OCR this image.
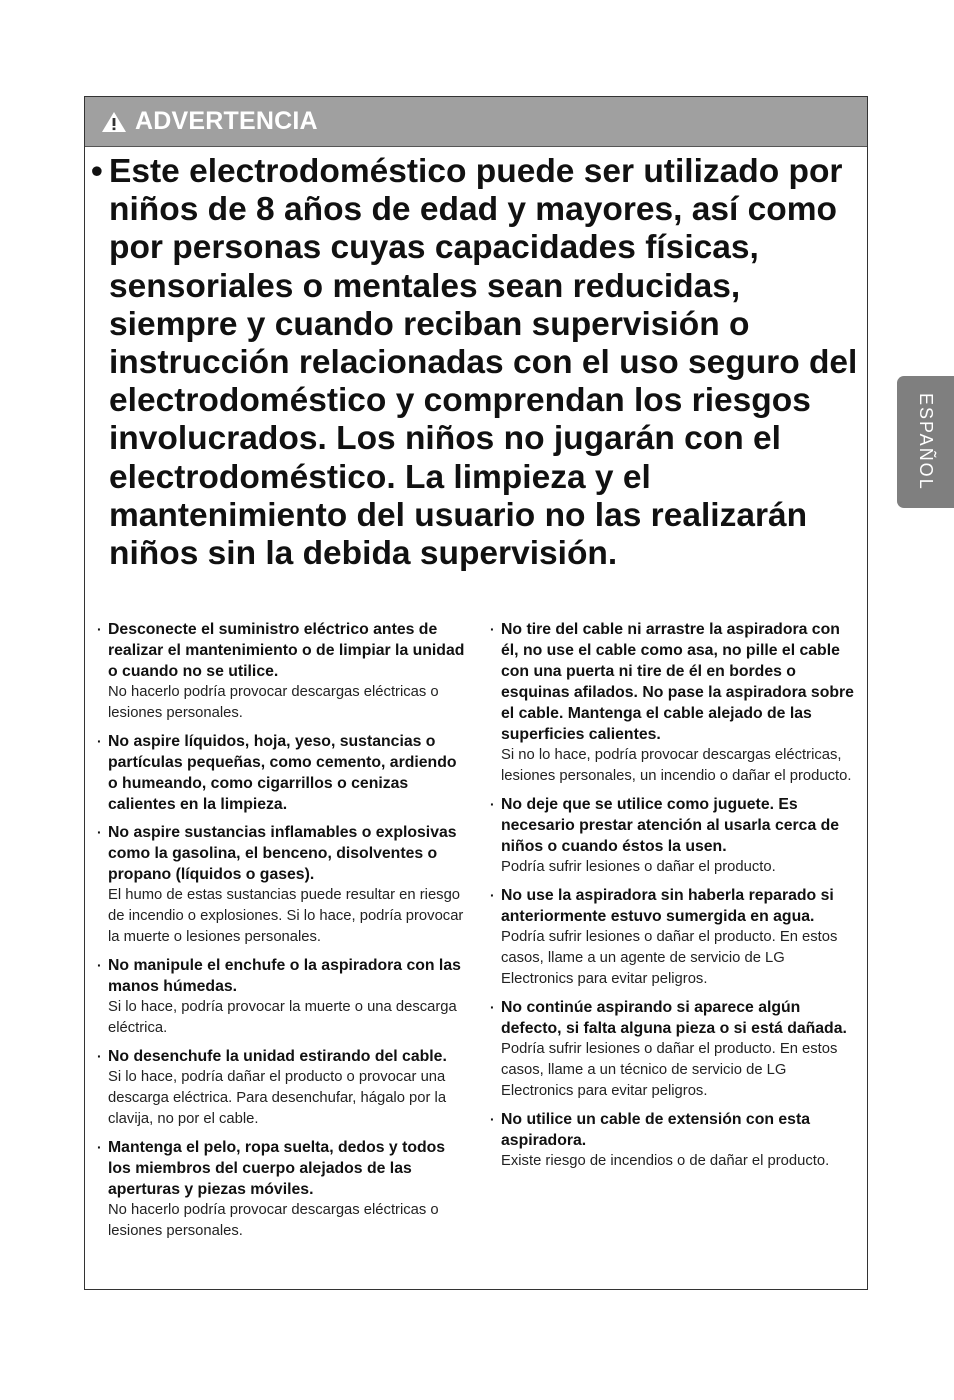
ADVERTENCIA
• Este electrodoméstico puede ser utilizado por niños de 8 años de edad y mayores, así como por personas cuyas capacidades físicas, sensoriales o mentales sean reducidas, siempre y cuando reciban supervisión o instrucción relacionadas con el uso seguro del electrodoméstico y comprendan los riesgos involucrados. Los niños no jugarán con el electrodoméstico. La limpieza y el mantenimiento del usuario no las realizarán niños sin la debida supervisión.
· Desconecte el suministro eléctrico antes de realizar el mantenimiento o de limpiar la unidad o cuando no se utilice.
No hacerlo podría provocar descargas eléctricas o lesiones personales.
· No aspire líquidos, hoja, yeso, sustancias o partículas pequeñas, como cemento, ardiendo o humeando, como cigarrillos o cenizas calientes en la limpieza.
· No aspire sustancias inflamables o explosivas como la gasolina, el benceno, disolventes o propano (líquidos o gases).
El humo de estas sustancias puede resultar en riesgo de incendio o explosiones. Si lo hace, podría provocar la muerte o lesiones personales.
· No manipule el enchufe o la aspiradora con las manos húmedas.
Si lo hace, podría provocar la muerte o una descarga eléctrica.
· No desenchufe la unidad estirando del cable.
Si lo hace, podría dañar el producto o provocar una descarga eléctrica. Para desenchufar, hágalo por la clavija, no por el cable.
· Mantenga el pelo, ropa suelta, dedos y todos los miembros del cuerpo alejados de las aperturas y piezas móviles.
No hacerlo podría provocar descargas eléctricas o lesiones personales.
· No tire del cable ni arrastre la aspiradora con él, no use el cable como asa, no pille el cable con una puerta ni tire de él en bordes o esquinas afilados. No pase la aspiradora sobre el cable. Mantenga el cable alejado de las superficies calientes.
Si no lo hace, podría provocar descargas eléctricas, lesiones personales, un incendio o dañar el producto.
· No deje que se utilice como juguete. Es necesario prestar atención al usarla cerca de niños o cuando éstos la usen.
Podría sufrir lesiones o dañar el producto.
· No use la aspiradora sin haberla reparado si anteriormente estuvo sumergida en agua.
Podría sufrir lesiones o dañar el producto. En estos casos, llame a un agente de servicio de LG Electronics para evitar peligros.
· No continúe aspirando si aparece algún defecto, si falta alguna pieza o si está dañada.
Podría sufrir lesiones o dañar el producto. En estos casos, llame a un técnico de servicio de LG Electronics para evitar peligros.
· No utilice un cable de extensión con esta aspiradora.
Existe riesgo de incendios o de dañar el producto.
ESPAÑOL
